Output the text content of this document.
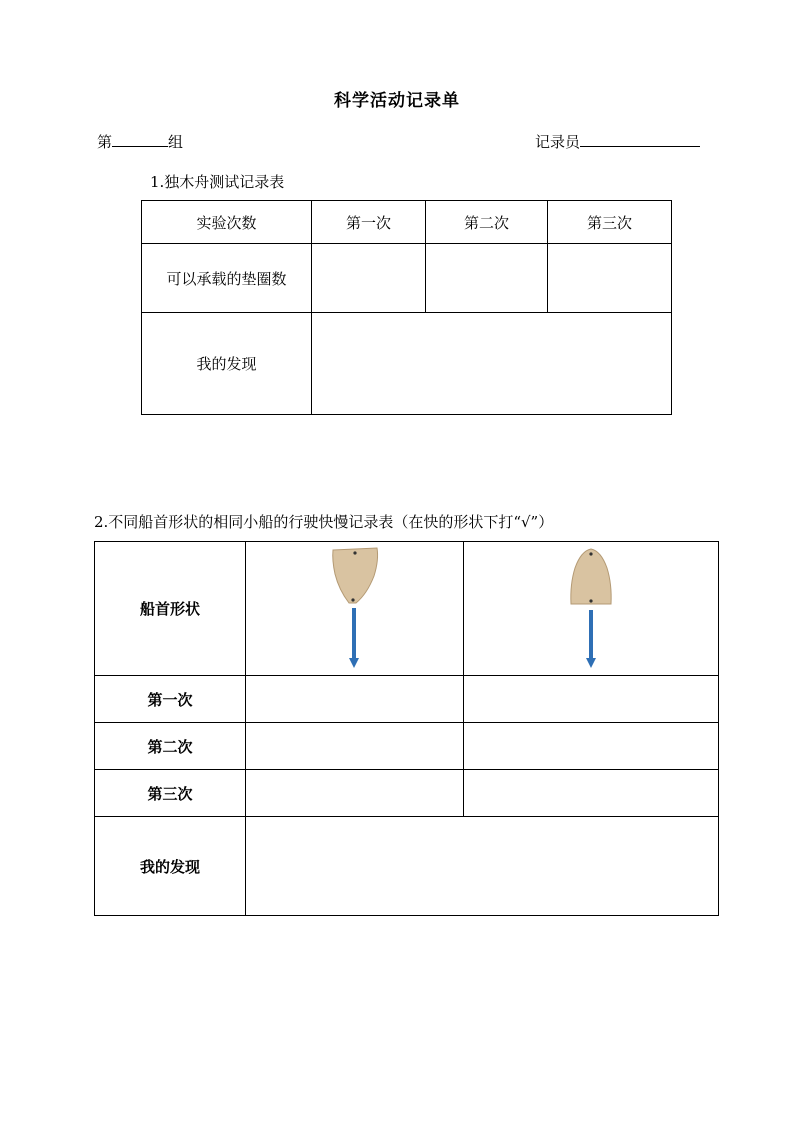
科学活动记录单
第	组	记录员
1.独木舟测试记录表
实验次数	第一次	第二次	第三次
可以承载的垫圈数			
我的发现			
2.不同船首形状的相同小船的行驶快慢记录表（在快的形状下打“√”）
船首形状	

第一次		
第二次		
第三次		
我的发现		
